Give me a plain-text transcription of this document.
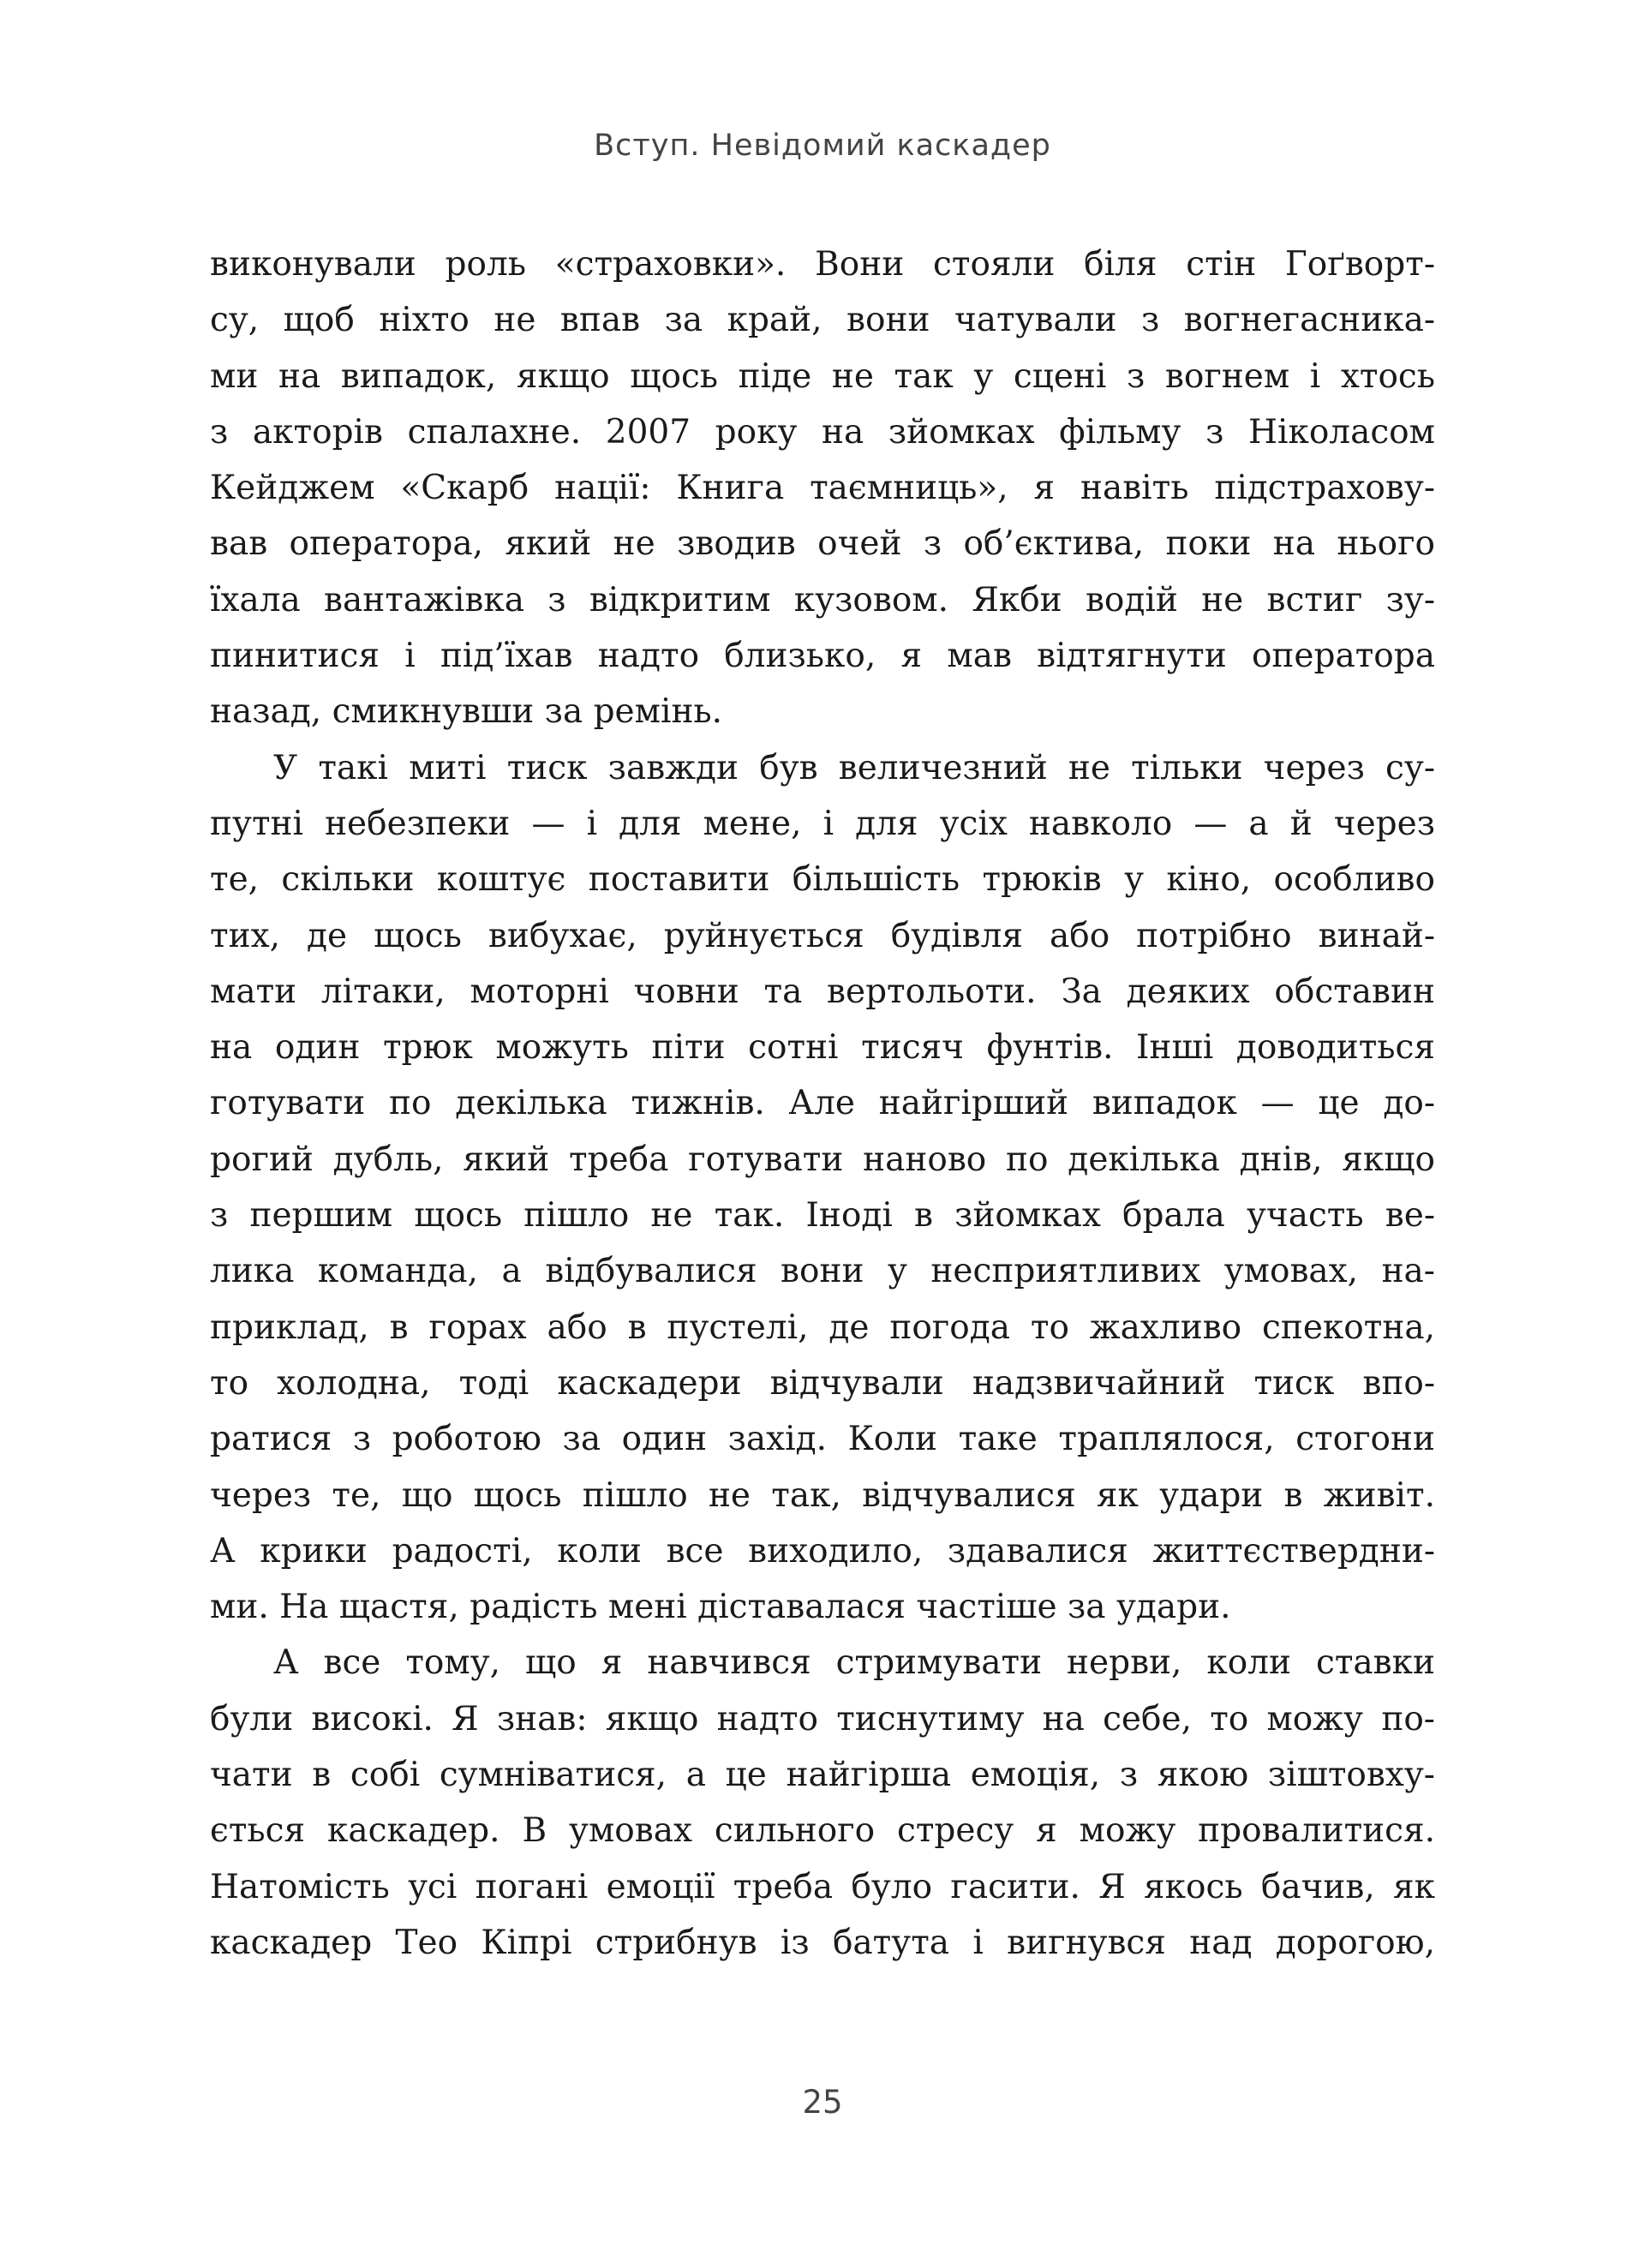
Вступ. Невідомий каскадер
виконували роль «страховки». Вони стояли біля стін Гоґворт-
су, щоб ніхто не впав за край, вони чатували з вогнегасника-
ми на випадок, якщо щось піде не так у сцені з вогнем і хтось
з акторів спалахне. 2007 року на зйомках фільму з Ніколасом
Кейджем «Скарб нації: Книга таємниць», я навіть підстрахову-
вав оператора, який не зводив очей з об’єктива, поки на нього
їхала вантажівка з відкритим кузовом. Якби водій не встиг зу-
пинитися і під’їхав надто близько, я мав відтягнути оператора
назад, смикнувши за ремінь.
У такі миті тиск завжди був величезний не тільки через су-
путні небезпеки — і для мене, і для усіх навколо — а й через
те, скільки коштує поставити більшість трюків у кіно, особливо
тих, де щось вибухає, руйнується будівля або потрібно винай-
мати літаки, моторні човни та вертольоти. За деяких обставин
на один трюк можуть піти сотні тисяч фунтів. Інші доводиться
готувати по декілька тижнів. Але найгірший випадок — це до-
рогий дубль, який треба готувати наново по декілька днів, якщо
з першим щось пішло не так. Іноді в зйомках брала участь ве-
лика команда, а відбувалися вони у несприятливих умовах, на-
приклад, в горах або в пустелі, де погода то жахливо спекотна,
то холодна, тоді каскадери відчували надзвичайний тиск впо-
ратися з роботою за один захід. Коли таке траплялося, стогони
через те, що щось пішло не так, відчувалися як удари в живіт.
А крики радості, коли все виходило, здавалися життєствердни-
ми. На щастя, радість мені діставалася частіше за удари.
А все тому, що я навчився стримувати нерви, коли ставки
були високі. Я знав: якщо надто тиснутиму на себе, то можу по-
чати в собі сумніватися, а це найгірша емоція, з якою зіштовху-
ється каскадер. В умовах сильного стресу я можу провалитися.
Натомість усі погані емоції треба було гасити. Я якось бачив, як
каскадер Тео Кіпрі стрибнув із батута і вигнувся над дорогою,
25
